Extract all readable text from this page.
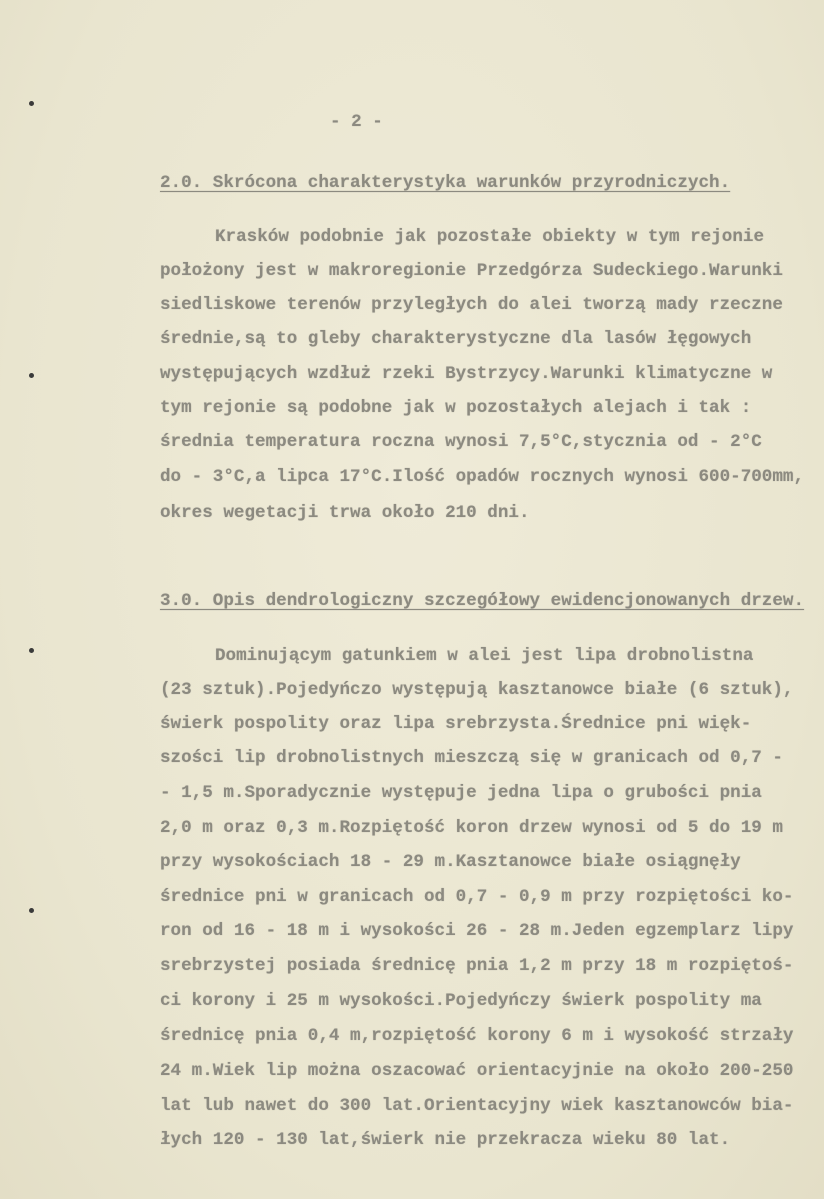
- 2 -
2.0. Skrócona charakterystyka warunków przyrodniczych.
Krasków podobnie jak pozostałe obiekty w tym rejonie
położony jest w makroregionie Przedgórza Sudeckiego.Warunki
siedliskowe terenów przyległych do alei tworzą mady rzeczne
średnie,są to gleby charakterystyczne dla lasów łęgowych
występujących wzdłuż rzeki Bystrzycy.Warunki klimatyczne w
tym rejonie są podobne jak w pozostałych alejach i tak :
średnia temperatura roczna wynosi 7,5°C,stycznia od - 2°C
do - 3°C,a lipca 17°C.Ilość opadów rocznych wynosi 600-700mm,
okres wegetacji trwa około 210 dni.
3.0. Opis dendrologiczny szczegółowy ewidencjonowanych drzew.
Dominującym gatunkiem w alei jest lipa drobnolistna
(23 sztuk).Pojedyńczo występują kasztanowce białe (6 sztuk),
świerk pospolity oraz lipa srebrzysta.Średnice pni więk-
szości lip drobnolistnych mieszczą się w granicach od 0,7 -
- 1,5 m.Sporadycznie występuje jedna lipa o grubości pnia
2,0 m oraz 0,3 m.Rozpiętość koron drzew wynosi od 5 do 19 m
przy wysokościach 18 - 29 m.Kasztanowce białe osiągnęły
średnice pni w granicach od 0,7 - 0,9 m przy rozpiętości ko-
ron od 16 - 18 m i wysokości 26 - 28 m.Jeden egzemplarz lipy
srebrzystej posiada średnicę pnia 1,2 m przy 18 m rozpiętoś-
ci korony i 25 m wysokości.Pojedyńczy świerk pospolity ma
średnicę pnia 0,4 m,rozpiętość korony 6 m i wysokość strzały
24 m.Wiek lip można oszacować orientacyjnie na około 200-250
lat lub nawet do 300 lat.Orientacyjny wiek kasztanowców bia-
łych 120 - 130 lat,świerk nie przekracza wieku 80 lat.
